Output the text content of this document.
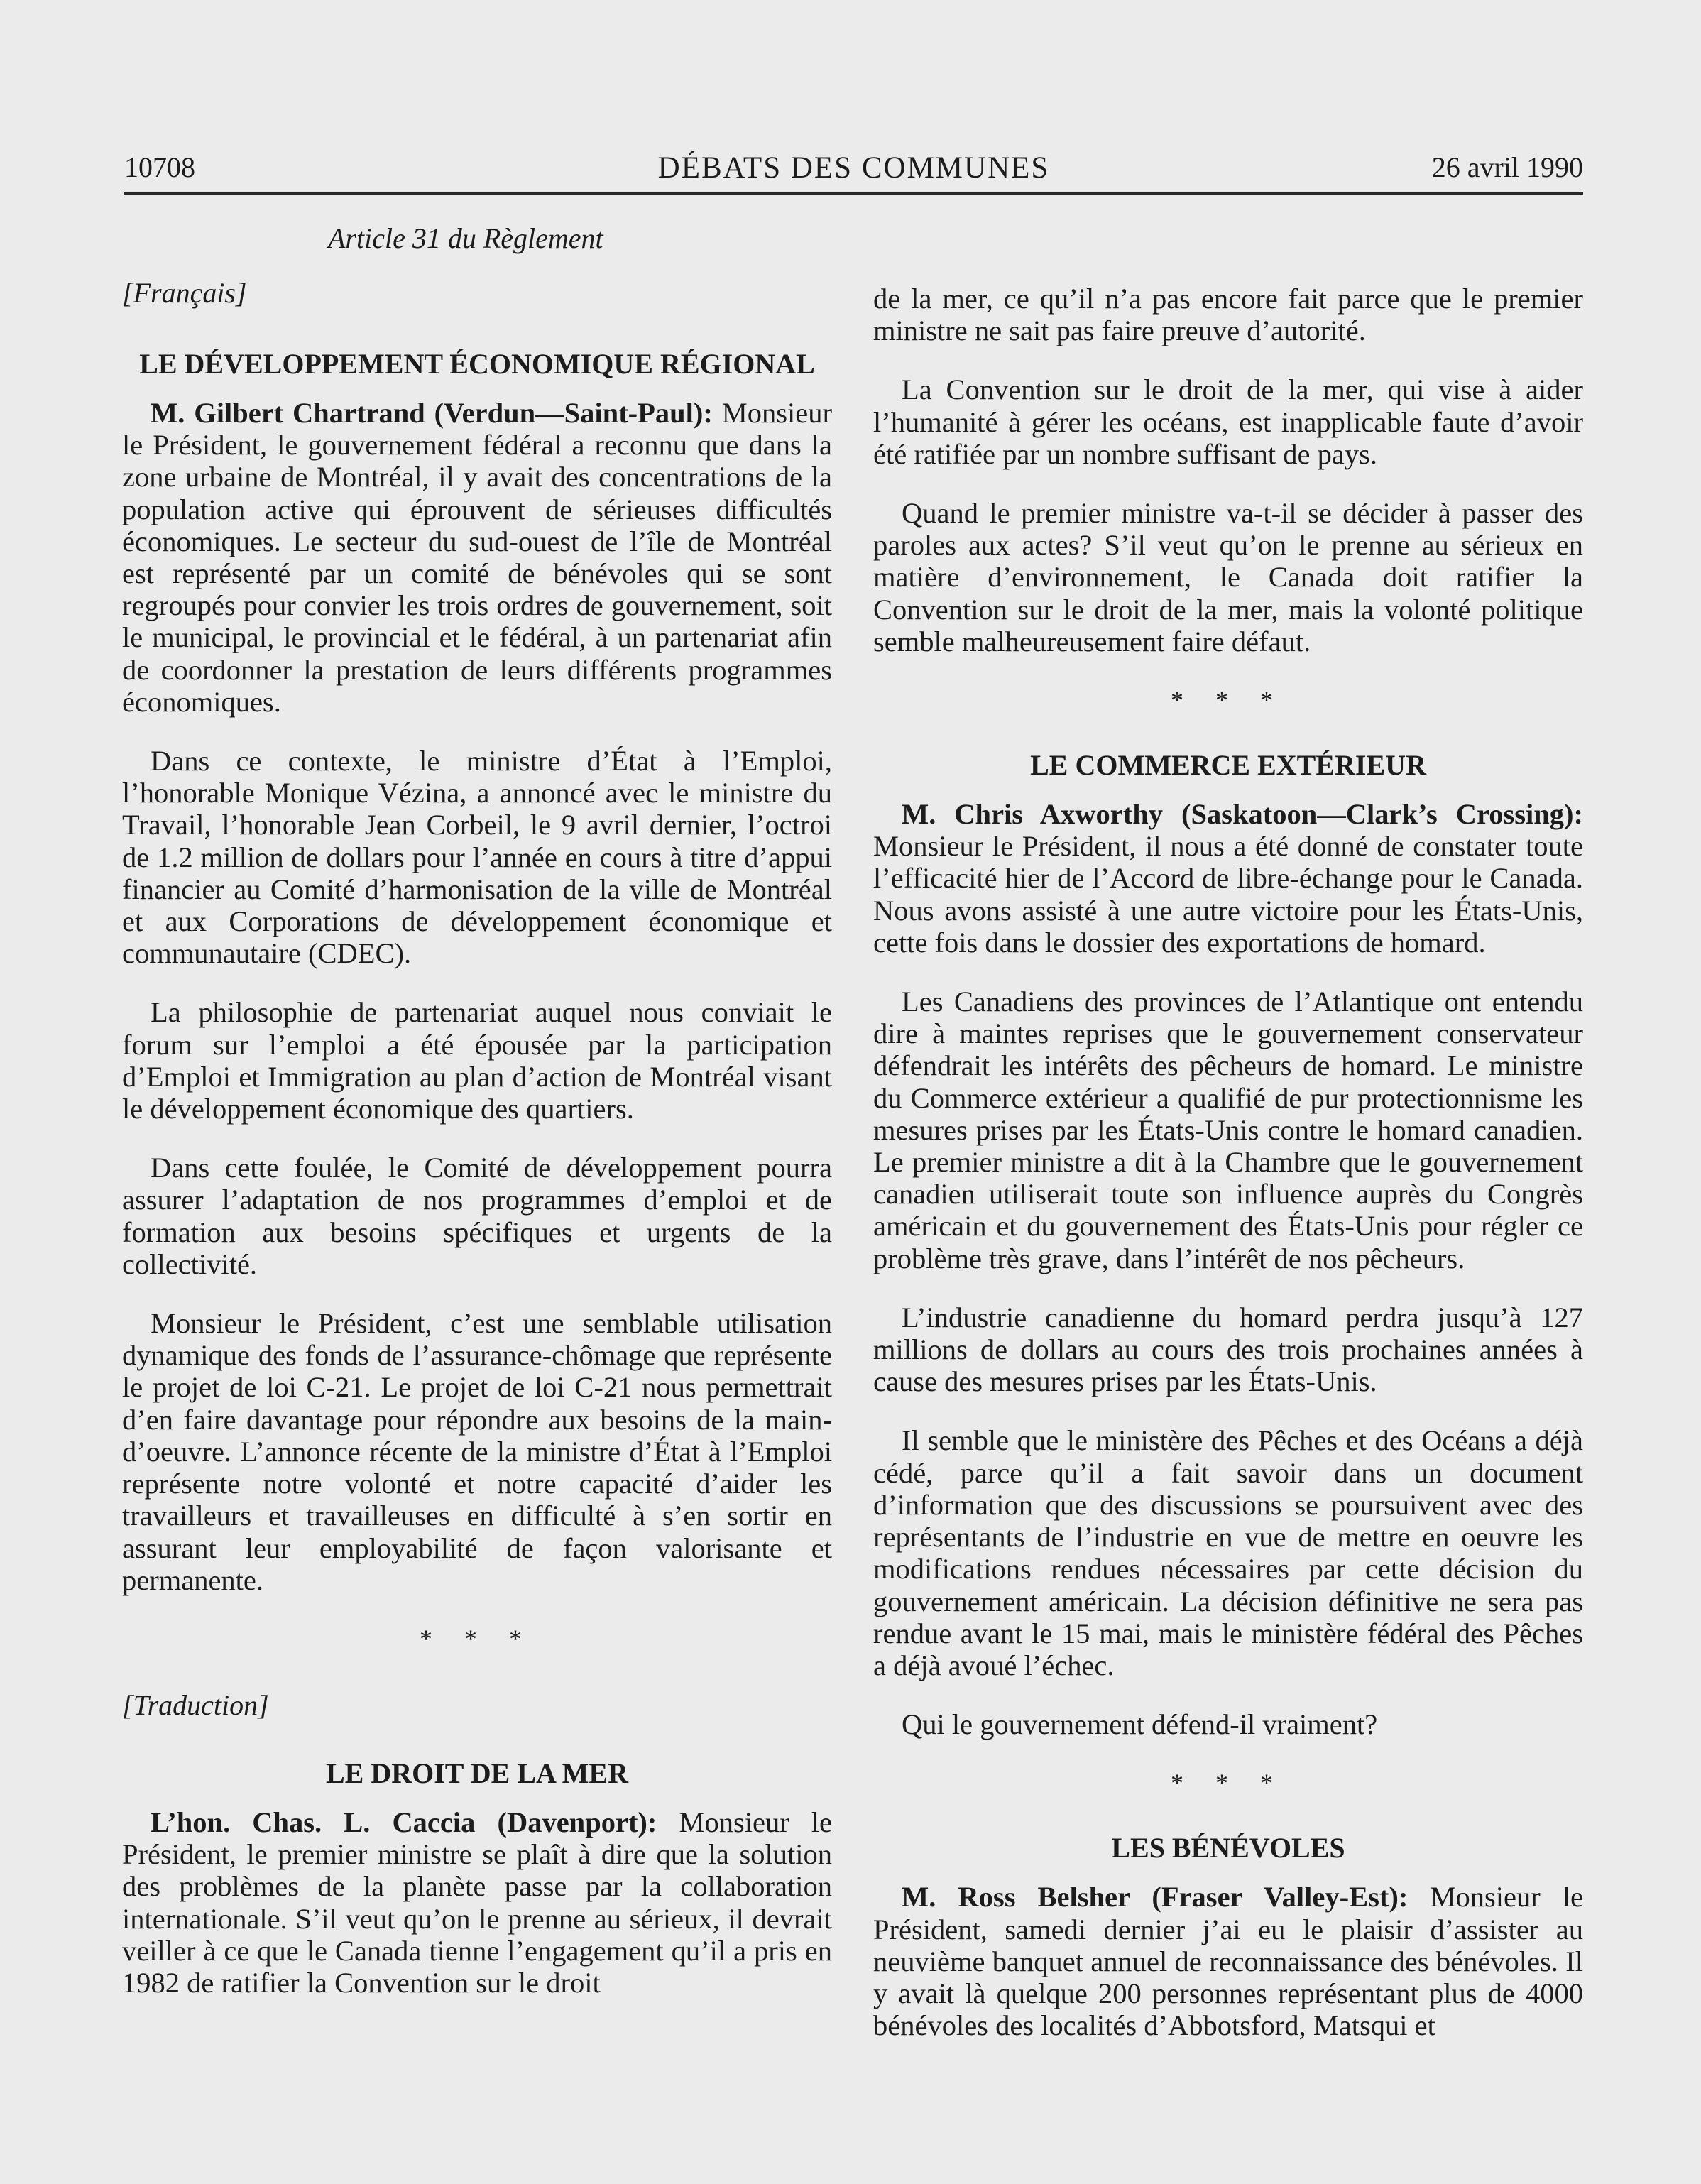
10708	DÉBATS DES COMMUNES	26 avril 1990

Article 31 du Règlement

[Français]

LE DÉVELOPPEMENT ÉCONOMIQUE RÉGIONAL

M. Gilbert Chartrand (Verdun—Saint-Paul): Monsieur le Président, le gouvernement fédéral a reconnu que dans la zone urbaine de Montréal, il y avait des concentrations de la population active qui éprouvent de sérieuses difficultés économiques. Le secteur du sud-ouest de l’île de Montréal est représenté par un comité de bénévoles qui se sont regroupés pour convier les trois ordres de gouvernement, soit le municipal, le provincial et le fédéral, à un partenariat afin de coordonner la prestation de leurs différents programmes économiques.

Dans ce contexte, le ministre d’État à l’Emploi, l’honorable Monique Vézina, a annoncé avec le ministre du Travail, l’honorable Jean Corbeil, le 9 avril dernier, l’octroi de 1.2 million de dollars pour l’année en cours à titre d’appui financier au Comité d’harmonisation de la ville de Montréal et aux Corporations de développement économique et communautaire (CDEC).

La philosophie de partenariat auquel nous conviait le forum sur l’emploi a été épousée par la participation d’Emploi et Immigration au plan d’action de Montréal visant le développement économique des quartiers.

Dans cette foulée, le Comité de développement pourra assurer l’adaptation de nos programmes d’emploi et de formation aux besoins spécifiques et urgents de la collectivité.

Monsieur le Président, c’est une semblable utilisation dynamique des fonds de l’assurance-chômage que représente le projet de loi C-21. Le projet de loi C-21 nous permettrait d’en faire davantage pour répondre aux besoins de la main-d’oeuvre. L’annonce récente de la ministre d’État à l’Emploi représente notre volonté et notre capacité d’aider les travailleurs et travailleuses en difficulté à s’en sortir en assurant leur employabilité de façon valorisante et permanente.

* * *

[Traduction]

LE DROIT DE LA MER

L’hon. Chas. L. Caccia (Davenport): Monsieur le Président, le premier ministre se plaît à dire que la solution des problèmes de la planète passe par la collaboration internationale. S’il veut qu’on le prenne au sérieux, il devrait veiller à ce que le Canada tienne l’engagement qu’il a pris en 1982 de ratifier la Convention sur le droit

de la mer, ce qu’il n’a pas encore fait parce que le premier ministre ne sait pas faire preuve d’autorité.

La Convention sur le droit de la mer, qui vise à aider l’humanité à gérer les océans, est inapplicable faute d’avoir été ratifiée par un nombre suffisant de pays.

Quand le premier ministre va-t-il se décider à passer des paroles aux actes? S’il veut qu’on le prenne au sérieux en matière d’environnement, le Canada doit ratifier la Convention sur le droit de la mer, mais la volonté politique semble malheureusement faire défaut.

* * *

LE COMMERCE EXTÉRIEUR

M. Chris Axworthy (Saskatoon—Clark’s Crossing): Monsieur le Président, il nous a été donné de constater toute l’efficacité hier de l’Accord de libre-échange pour le Canada. Nous avons assisté à une autre victoire pour les États-Unis, cette fois dans le dossier des exportations de homard.

Les Canadiens des provinces de l’Atlantique ont entendu dire à maintes reprises que le gouvernement conservateur défendrait les intérêts des pêcheurs de homard. Le ministre du Commerce extérieur a qualifié de pur protectionnisme les mesures prises par les États-Unis contre le homard canadien. Le premier ministre a dit à la Chambre que le gouvernement canadien utiliserait toute son influence auprès du Congrès américain et du gouvernement des États-Unis pour régler ce problème très grave, dans l’intérêt de nos pêcheurs.

L’industrie canadienne du homard perdra jusqu’à 127 millions de dollars au cours des trois prochaines années à cause des mesures prises par les États-Unis.

Il semble que le ministère des Pêches et des Océans a déjà cédé, parce qu’il a fait savoir dans un document d’information que des discussions se poursuivent avec des représentants de l’industrie en vue de mettre en oeuvre les modifications rendues nécessaires par cette décision du gouvernement américain. La décision définitive ne sera pas rendue avant le 15 mai, mais le ministère fédéral des Pêches a déjà avoué l’échec.

Qui le gouvernement défend-il vraiment?

* * *

LES BÉNÉVOLES

M. Ross Belsher (Fraser Valley-Est): Monsieur le Président, samedi dernier j’ai eu le plaisir d’assister au neuvième banquet annuel de reconnaissance des bénévoles. Il y avait là quelque 200 personnes représentant plus de 4000 bénévoles des localités d’Abbotsford, Matsqui et
